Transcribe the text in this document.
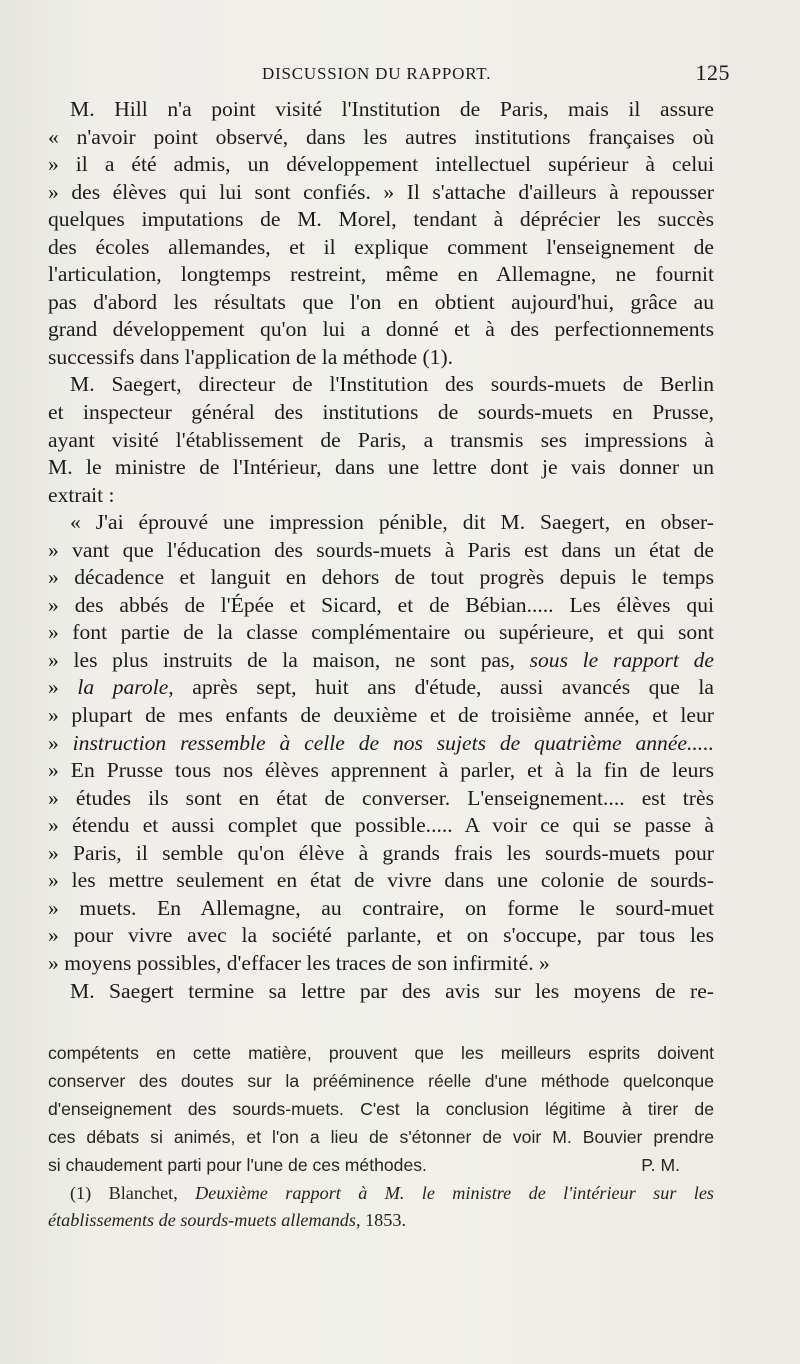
DISCUSSION DU RAPPORT.	125

M. Hill n'a point visité l'Institution de Paris, mais il assure
« n'avoir point observé, dans les autres institutions françaises où
» il a été admis, un développement intellectuel supérieur à celui
» des élèves qui lui sont confiés. » Il s'attache d'ailleurs à repousser
quelques imputations de M. Morel, tendant à déprécier les succès
des écoles allemandes, et il explique comment l'enseignement de
l'articulation, longtemps restreint, même en Allemagne, ne fournit
pas d'abord les résultats que l'on en obtient aujourd'hui, grâce au
grand développement qu'on lui a donné et à des perfectionnements
successifs dans l'application de la méthode (1).

M. Saegert, directeur de l'Institution des sourds-muets de Berlin
et inspecteur général des institutions de sourds-muets en Prusse,
ayant visité l'établissement de Paris, a transmis ses impressions à
M. le ministre de l'Intérieur, dans une lettre dont je vais donner un
extrait :

« J'ai éprouvé une impression pénible, dit M. Saegert, en obser-
» vant que l'éducation des sourds-muets à Paris est dans un état de
» décadence et languit en dehors de tout progrès depuis le temps
» des abbés de l'Épée et Sicard, et de Bébian..... Les élèves qui
» font partie de la classe complémentaire ou supérieure, et qui sont
» les plus instruits de la maison, ne sont pas, sous le rapport de
» la parole, après sept, huit ans d'étude, aussi avancés que la
» plupart de mes enfants de deuxième et de troisième année, et leur
» instruction ressemble à celle de nos sujets de quatrième année.....
» En Prusse tous nos élèves apprennent à parler, et à la fin de leurs
» études ils sont en état de converser. L'enseignement.... est très
» étendu et aussi complet que possible..... A voir ce qui se passe à
» Paris, il semble qu'on élève à grands frais les sourds-muets pour
» les mettre seulement en état de vivre dans une colonie de sourds-
» muets. En Allemagne, au contraire, on forme le sourd-muet
» pour vivre avec la société parlante, et on s'occupe, par tous les
» moyens possibles, d'effacer les traces de son infirmité. »

M. Saegert termine sa lettre par des avis sur les moyens de re-

compétents en cette matière, prouvent que les meilleurs esprits doivent
conserver des doutes sur la prééminence réelle d'une méthode quelconque
d'enseignement des sourds-muets. C'est la conclusion légitime à tirer de
ces débats si animés, et l'on a lieu de s'étonner de voir M. Bouvier prendre
si chaudement parti pour l'une de ces méthodes.	P. M.
(1) Blanchet, Deuxième rapport à M. le ministre de l'intérieur sur les
établissements de sourds-muets allemands, 1853.
